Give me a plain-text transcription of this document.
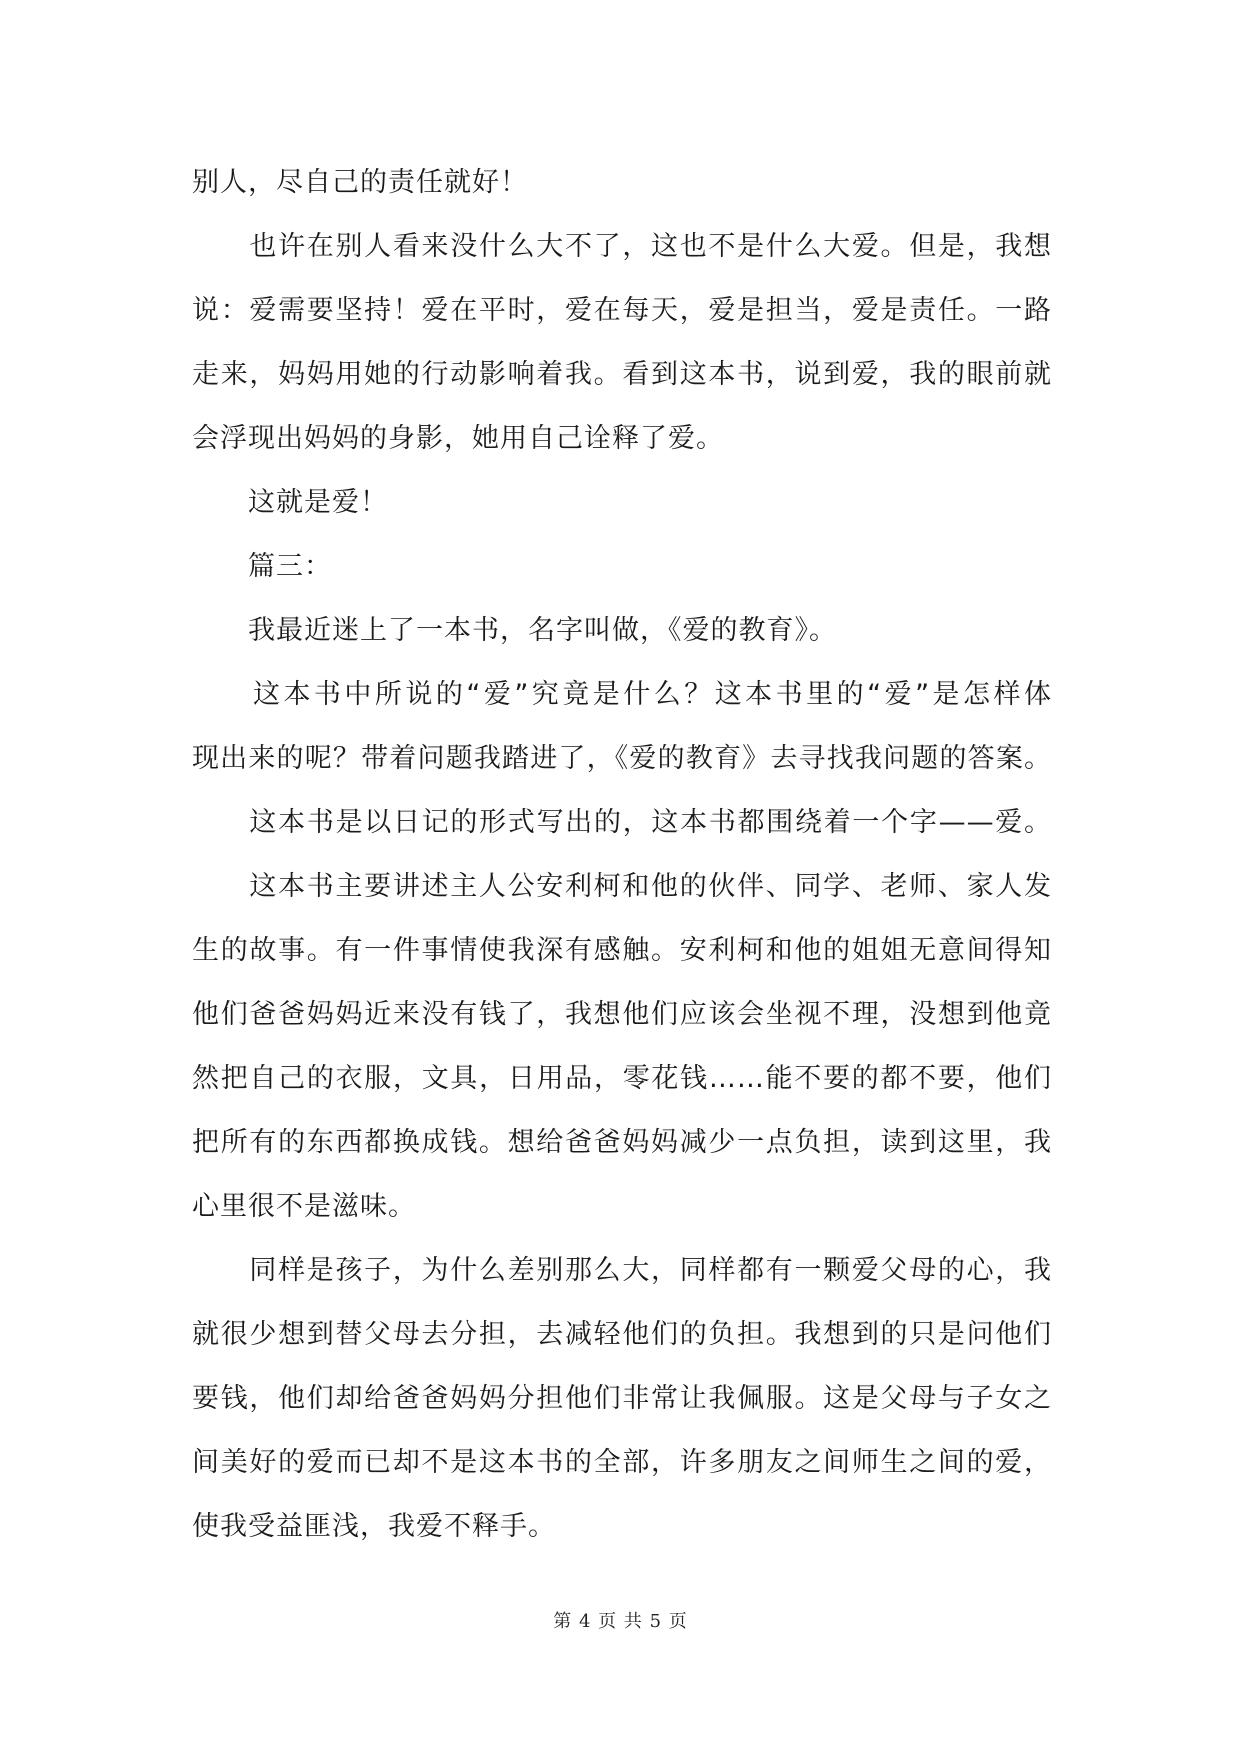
别人，尽自己的责任就好！
　　也许在别人看来没什么大不了，这也不是什么大爱。但是，我想
说：爱需要坚持！爱在平时，爱在每天，爱是担当，爱是责任。一路
走来，妈妈用她的行动影响着我。看到这本书，说到爱，我的眼前就
会浮现出妈妈的身影，她用自己诠释了爱。
　　这就是爱！
　　篇三：
　　我最近迷上了一本书，名字叫做，《爱的教育》。
　　这本书中所说的“爱”究竟是什么？这本书里的“爱”是怎样体
现出来的呢？带着问题我踏进了，《爱的教育》去寻找我问题的答案。
　　这本书是以日记的形式写出的，这本书都围绕着一个字——爱。
　　这本书主要讲述主人公安利柯和他的伙伴、同学、老师、家人发
生的故事。有一件事情使我深有感触。安利柯和他的姐姐无意间得知
他们爸爸妈妈近来没有钱了，我想他们应该会坐视不理，没想到他竟
然把自己的衣服，文具，日用品，零花钱……能不要的都不要，他们
把所有的东西都换成钱。想给爸爸妈妈减少一点负担，读到这里，我
心里很不是滋味。
　　同样是孩子，为什么差别那么大，同样都有一颗爱父母的心，我
就很少想到替父母去分担，去减轻他们的负担。我想到的只是问他们
要钱，他们却给爸爸妈妈分担他们非常让我佩服。这是父母与子女之
间美好的爱而已却不是这本书的全部，许多朋友之间师生之间的爱，
使我受益匪浅，我爱不释手。
第 4 页 共 5 页
